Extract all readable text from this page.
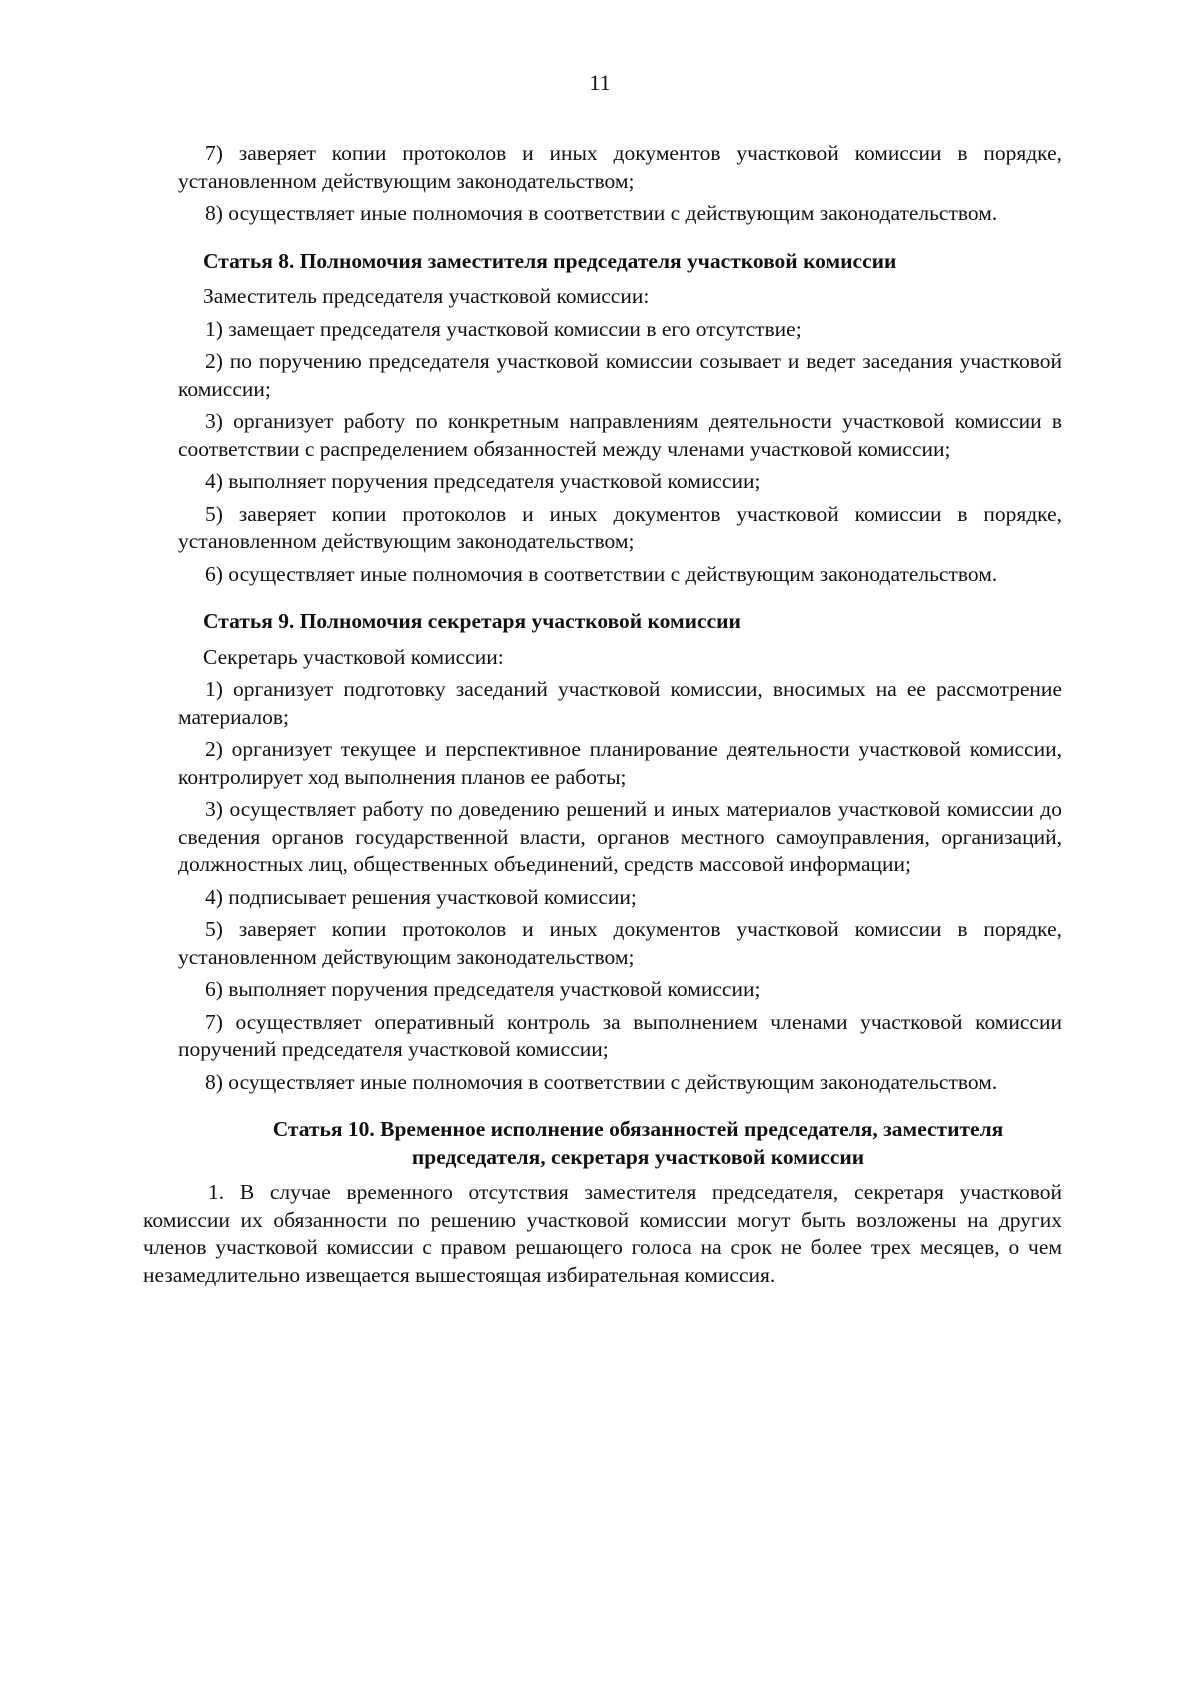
11

7) заверяет копии протоколов и иных документов участковой комиссии в порядке, установленном действующим законодательством;

8) осуществляет иные полномочия в соответствии с действующим законодательством.

Статья 8. Полномочия заместителя председателя участковой комиссии

Заместитель председателя участковой комиссии:

1) замещает председателя участковой комиссии в его отсутствие;

2) по поручению председателя участковой комиссии созывает и ведет заседания участковой комиссии;

3) организует работу по конкретным направлениям деятельности участковой комиссии в соответствии с распределением обязанностей между членами участковой комиссии;

4) выполняет поручения председателя участковой комиссии;

5) заверяет копии протоколов и иных документов участковой комиссии в порядке, установленном действующим законодательством;

6) осуществляет иные полномочия в соответствии с действующим законодательством.

Статья 9. Полномочия секретаря участковой комиссии

Секретарь участковой комиссии:

1) организует подготовку заседаний участковой комиссии, вносимых на ее рассмотрение материалов;

2) организует текущее и перспективное планирование деятельности участковой комиссии, контролирует ход выполнения планов ее работы;

3) осуществляет работу по доведению решений и иных материалов участковой комиссии до сведения органов государственной власти, органов местного самоуправления, организаций, должностных лиц, общественных объединений, средств массовой информации;

4) подписывает решения участковой комиссии;

5) заверяет копии протоколов и иных документов участковой комиссии в порядке, установленном действующим законодательством;

6) выполняет поручения председателя участковой комиссии;

7) осуществляет оперативный контроль за выполнением членами участковой комиссии поручений председателя участковой комиссии;

8) осуществляет иные полномочия в соответствии с действующим законодательством.

Статья 10. Временное исполнение обязанностей председателя, заместителя
председателя, секретаря участковой комиссии

1. В случае временного отсутствия заместителя председателя, секретаря участковой комиссии их обязанности по решению участковой комиссии могут быть возложены на других членов участковой комиссии с правом решающего голоса на срок не более трех месяцев, о чем незамедлительно извещается вышестоящая избирательная комиссия.
